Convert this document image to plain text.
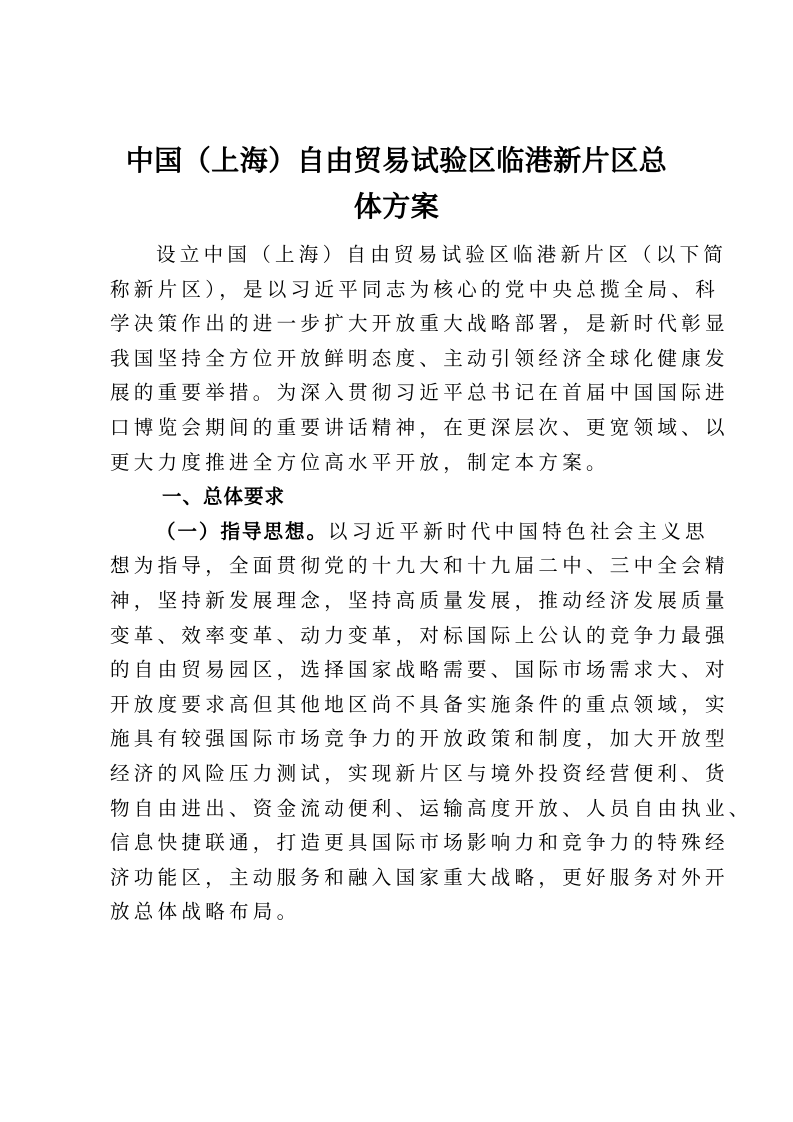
中国（上海）自由贸易试验区临港新片区总
体方案
设立中国（上海）自由贸易试验区临港新片区（以下简
称新片区），是以习近平同志为核心的党中央总揽全局、科
学决策作出的进一步扩大开放重大战略部署，是新时代彰显
我国坚持全方位开放鲜明态度、主动引领经济全球化健康发
展的重要举措。为深入贯彻习近平总书记在首届中国国际进
口博览会期间的重要讲话精神，在更深层次、更宽领域、以
更大力度推进全方位高水平开放，制定本方案。
一、总体要求
（一）指导思想。以习近平新时代中国特色社会主义思
想为指导，全面贯彻党的十九大和十九届二中、三中全会精
神，坚持新发展理念，坚持高质量发展，推动经济发展质量
变革、效率变革、动力变革，对标国际上公认的竞争力最强
的自由贸易园区，选择国家战略需要、国际市场需求大、对
开放度要求高但其他地区尚不具备实施条件的重点领域，实
施具有较强国际市场竞争力的开放政策和制度，加大开放型
经济的风险压力测试，实现新片区与境外投资经营便利、货
物自由进出、资金流动便利、运输高度开放、人员自由执业、
信息快捷联通，打造更具国际市场影响力和竞争力的特殊经
济功能区，主动服务和融入国家重大战略，更好服务对外开
放总体战略布局。
